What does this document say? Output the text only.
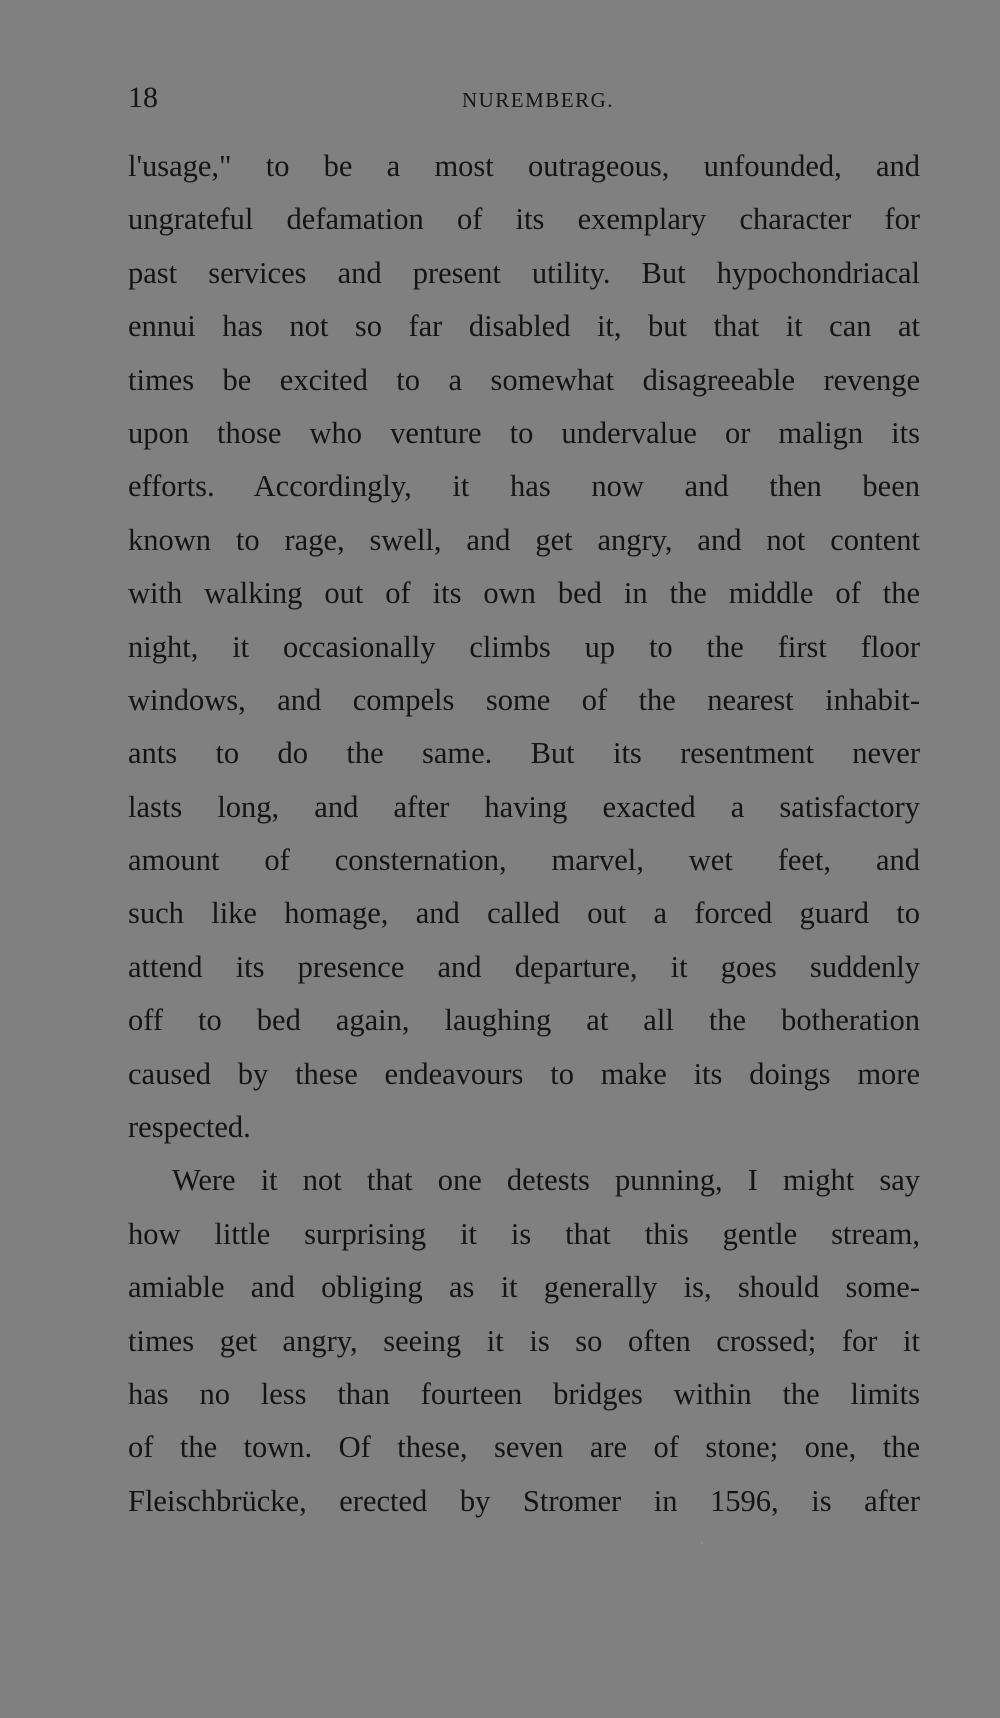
18	NUREMBERG.
l'usage," to be a most outrageous, unfounded, and
ungrateful defamation of its exemplary character for
past services and present utility. But hypochondriacal
ennui has not so far disabled it, but that it can at
times be excited to a somewhat disagreeable revenge
upon those who venture to undervalue or malign its
efforts. Accordingly, it has now and then been
known to rage, swell, and get angry, and not content
with walking out of its own bed in the middle of the
night, it occasionally climbs up to the first floor
windows, and compels some of the nearest inhabit-
ants to do the same. But its resentment never
lasts long, and after having exacted a satisfactory
amount of consternation, marvel, wet feet, and
such like homage, and called out a forced guard to
attend its presence and departure, it goes suddenly
off to bed again, laughing at all the botheration
caused by these endeavours to make its doings more
respected.
Were it not that one detests punning, I might say
how little surprising it is that this gentle stream,
amiable and obliging as it generally is, should some-
times get angry, seeing it is so often crossed; for it
has no less than fourteen bridges within the limits
of the town. Of these, seven are of stone; one, the
Fleischbrücke, erected by Stromer in 1596, is after
